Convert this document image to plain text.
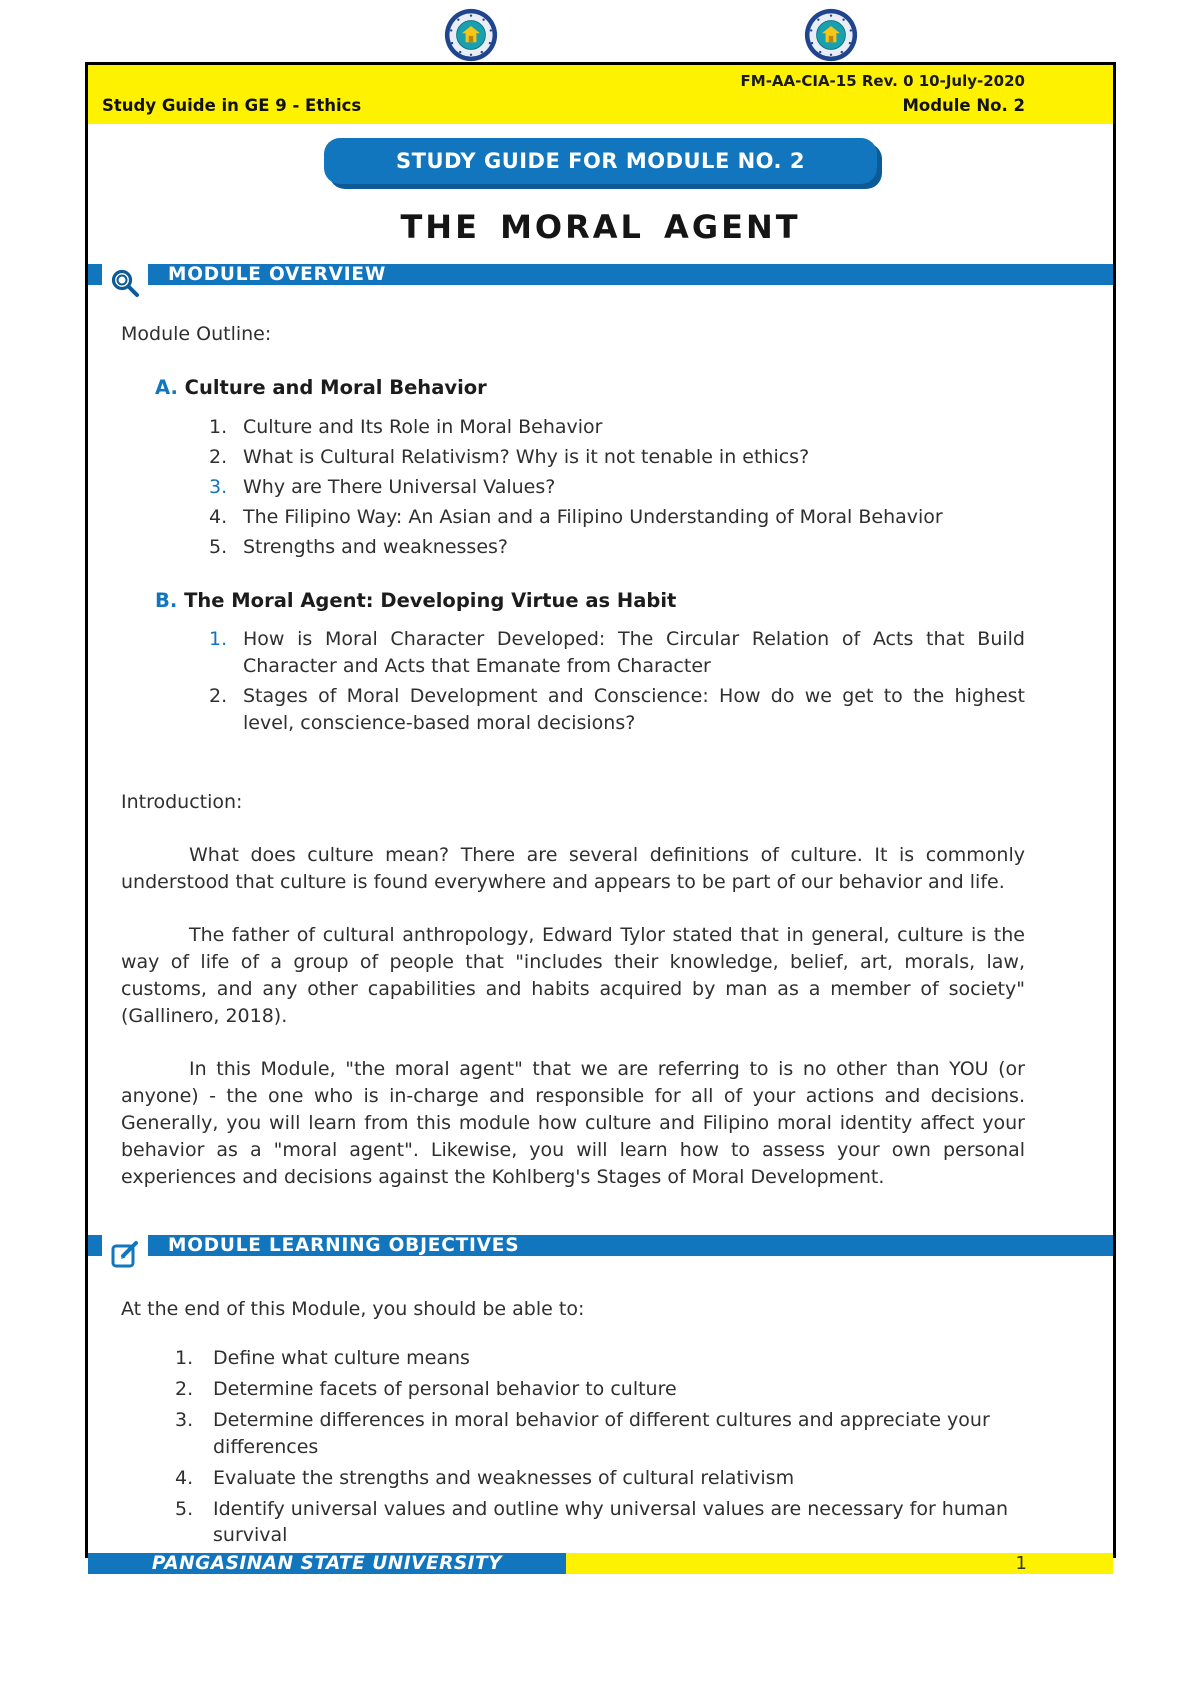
FM-AA-CIA-15 Rev. 0 10-July-2020
Study Guide in GE 9 - Ethics	Module No. 2
STUDY GUIDE FOR MODULE NO. 2
THE MORAL AGENT
MODULE OVERVIEW

Module Outline:

A. Culture and Moral Behavior

1. Culture and Its Role in Moral Behavior
2. What is Cultural Relativism? Why is it not tenable in ethics?
3. Why are There Universal Values?
4. The Filipino Way: An Asian and a Filipino Understanding of Moral Behavior
5. Strengths and weaknesses?

B. The Moral Agent: Developing Virtue as Habit

1. How is Moral Character Developed: The Circular Relation of Acts that Build Character and Acts that Emanate from Character
2. Stages of Moral Development and Conscience: How do we get to the highest level, conscience-based moral decisions?

Introduction:

What does culture mean? There are several definitions of culture. It is commonly understood that culture is found everywhere and appears to be part of our behavior and life.

The father of cultural anthropology, Edward Tylor stated that in general, culture is the way of life of a group of people that "includes their knowledge, belief, art, morals, law, customs, and any other capabilities and habits acquired by man as a member of society" (Gallinero, 2018).

In this Module, "the moral agent" that we are referring to is no other than YOU (or anyone) - the one who is in-charge and responsible for all of your actions and decisions. Generally, you will learn from this module how culture and Filipino moral identity affect your behavior as a "moral agent". Likewise, you will learn how to assess your own personal experiences and decisions against the Kohlberg's Stages of Moral Development.

MODULE LEARNING OBJECTIVES

At the end of this Module, you should be able to:

1.	Define what culture means
2.	Determine facets of personal behavior to culture
3.	Determine differences in moral behavior of different cultures and appreciate your differences
4.	Evaluate the strengths and weaknesses of cultural relativism
5.	Identify universal values and outline why universal values are necessary for human survival
PANGASINAN STATE UNIVERSITY	1
